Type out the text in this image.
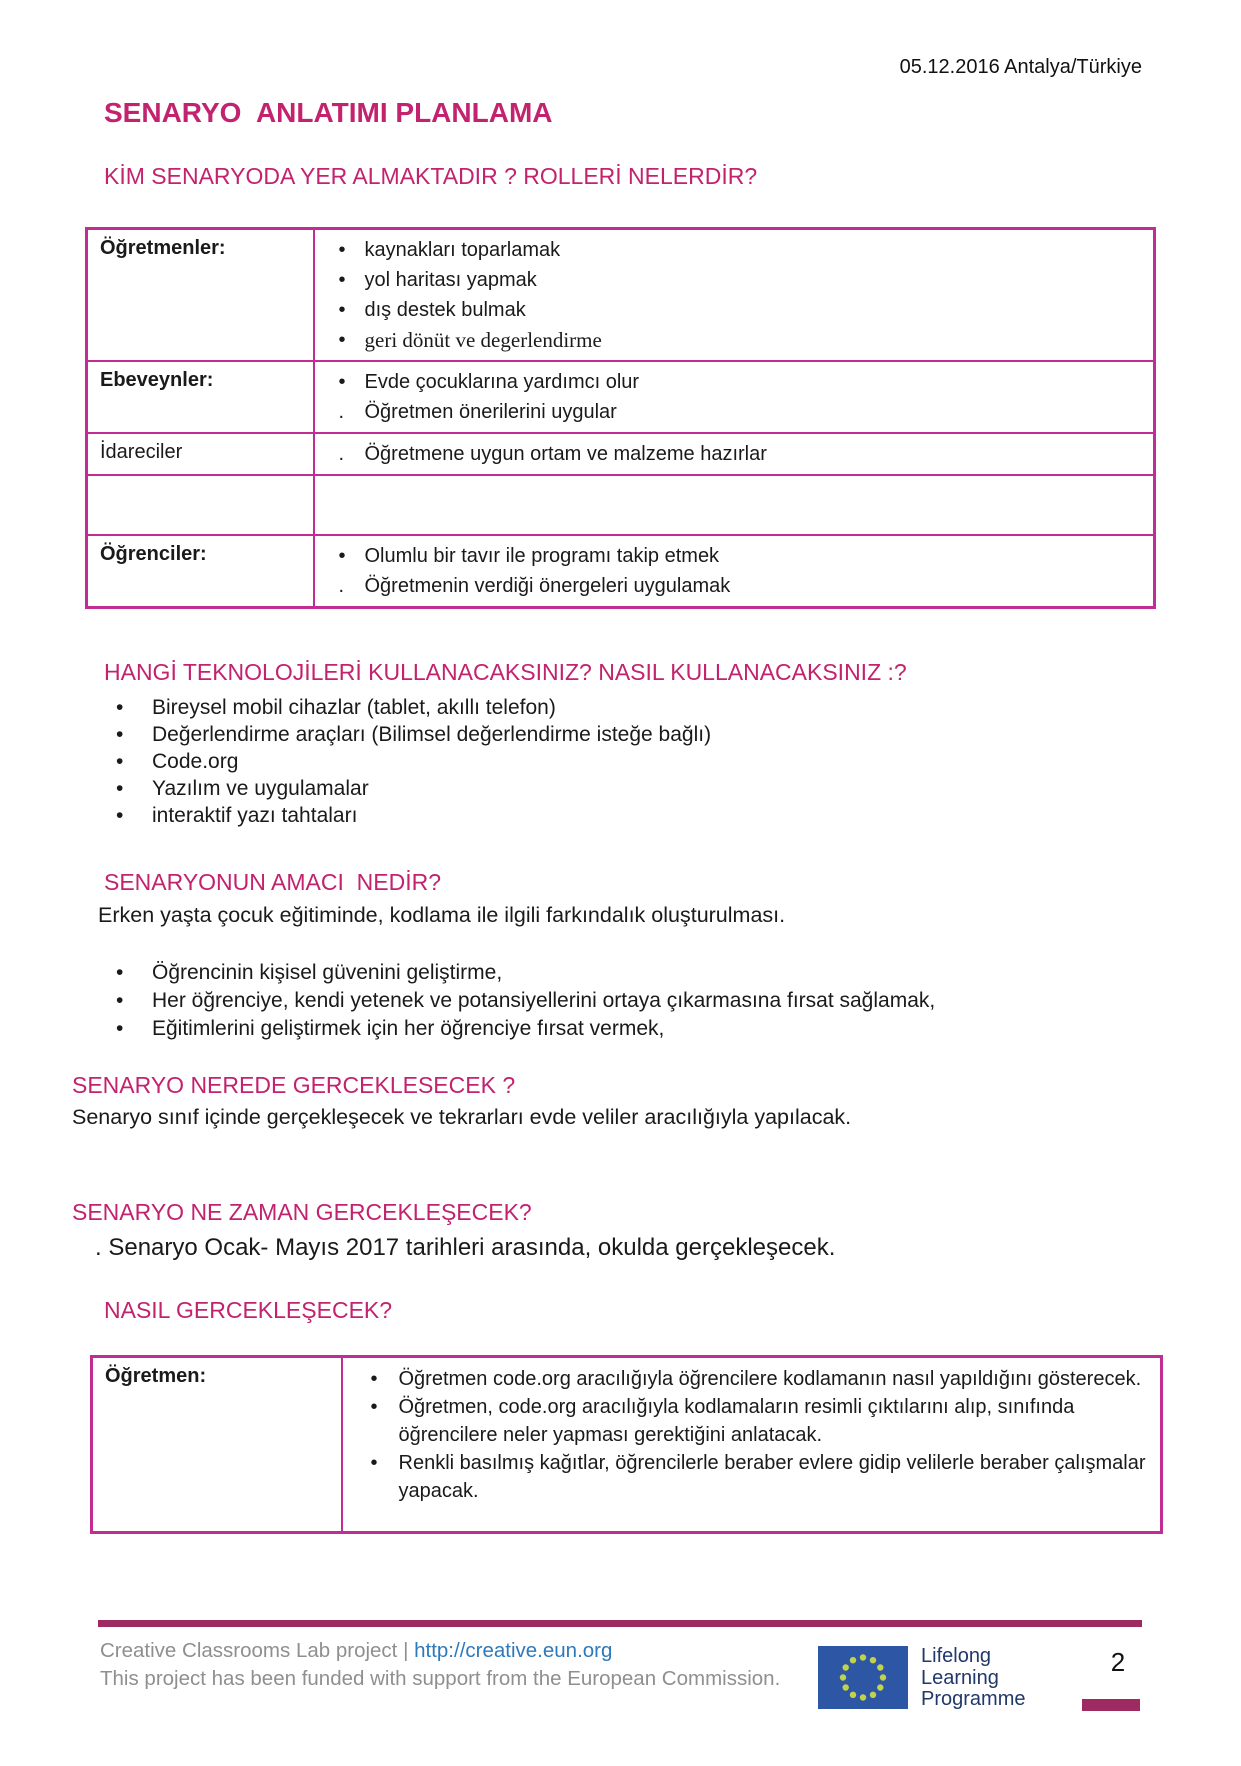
05.12.2016 Antalya/Türkiye
SENARYO  ANLATIMI PLANLAMA
KİM SENARYODA YER ALMAKTADIR ? ROLLERİ NELERDİR?
Öğretmenler:	• kaynakları toparlamak
• yol haritası yapmak
• dış destek bulmak
• geri dönüt ve degerlendirme

Ebeveynler:	• Evde çocuklarına yardımcı olur
. Öğretmen önerilerini uygular

İdareciler	. Öğretmene uygun ortam ve malzeme hazırlar

Öğrenciler:	• Olumlu bir tavır ile programı takip etmek
. Öğretmenin verdiği önergeleri uygulamak
HANGİ TEKNOLOJİLERİ KULLANACAKSINIZ? NASIL KULLANACAKSINIZ :?
•	Bireysel mobil cihazlar (tablet, akıllı telefon)
•	Değerlendirme araçları (Bilimsel değerlendirme isteğe bağlı)
•	Code.org
•	Yazılım ve uygulamalar
•	interaktif yazı tahtaları
SENARYONUN AMACI  NEDİR?
Erken yaşta çocuk eğitiminde, kodlama ile ilgili farkındalık oluşturulması.
•	Öğrencinin kişisel güvenini geliştirme,
•	Her öğrenciye, kendi yetenek ve potansiyellerini ortaya çıkarmasına fırsat sağlamak,
•	Eğitimlerini geliştirmek için her öğrenciye fırsat vermek,
SENARYO NEREDE GERCEKLESECEK ?
Senaryo sınıf içinde gerçekleşecek ve tekrarları evde veliler aracılığıyla yapılacak.
SENARYO NE ZAMAN GERCEKLEŞECEK?
. Senaryo Ocak- Mayıs 2017 tarihleri arasında, okulda gerçekleşecek.
NASIL GERCEKLEŞECEK?
Öğretmen:	•	Öğretmen code.org aracılığıyla öğrencilere kodlamanın nasıl yapıldığını gösterecek.
•	Öğretmen, code.org aracılığıyla kodlamaların resimli çıktılarını alıp, sınıfında öğrencilere neler yapması gerektiğini anlatacak.
•	Renkli basılmış kağıtlar, öğrencilerle beraber evlere gidip velilerle beraber çalışmalar yapacak.
Creative Classrooms Lab project | http://creative.eun.org
This project has been funded with support from the European Commission.
Lifelong
Learning
Programme
2
